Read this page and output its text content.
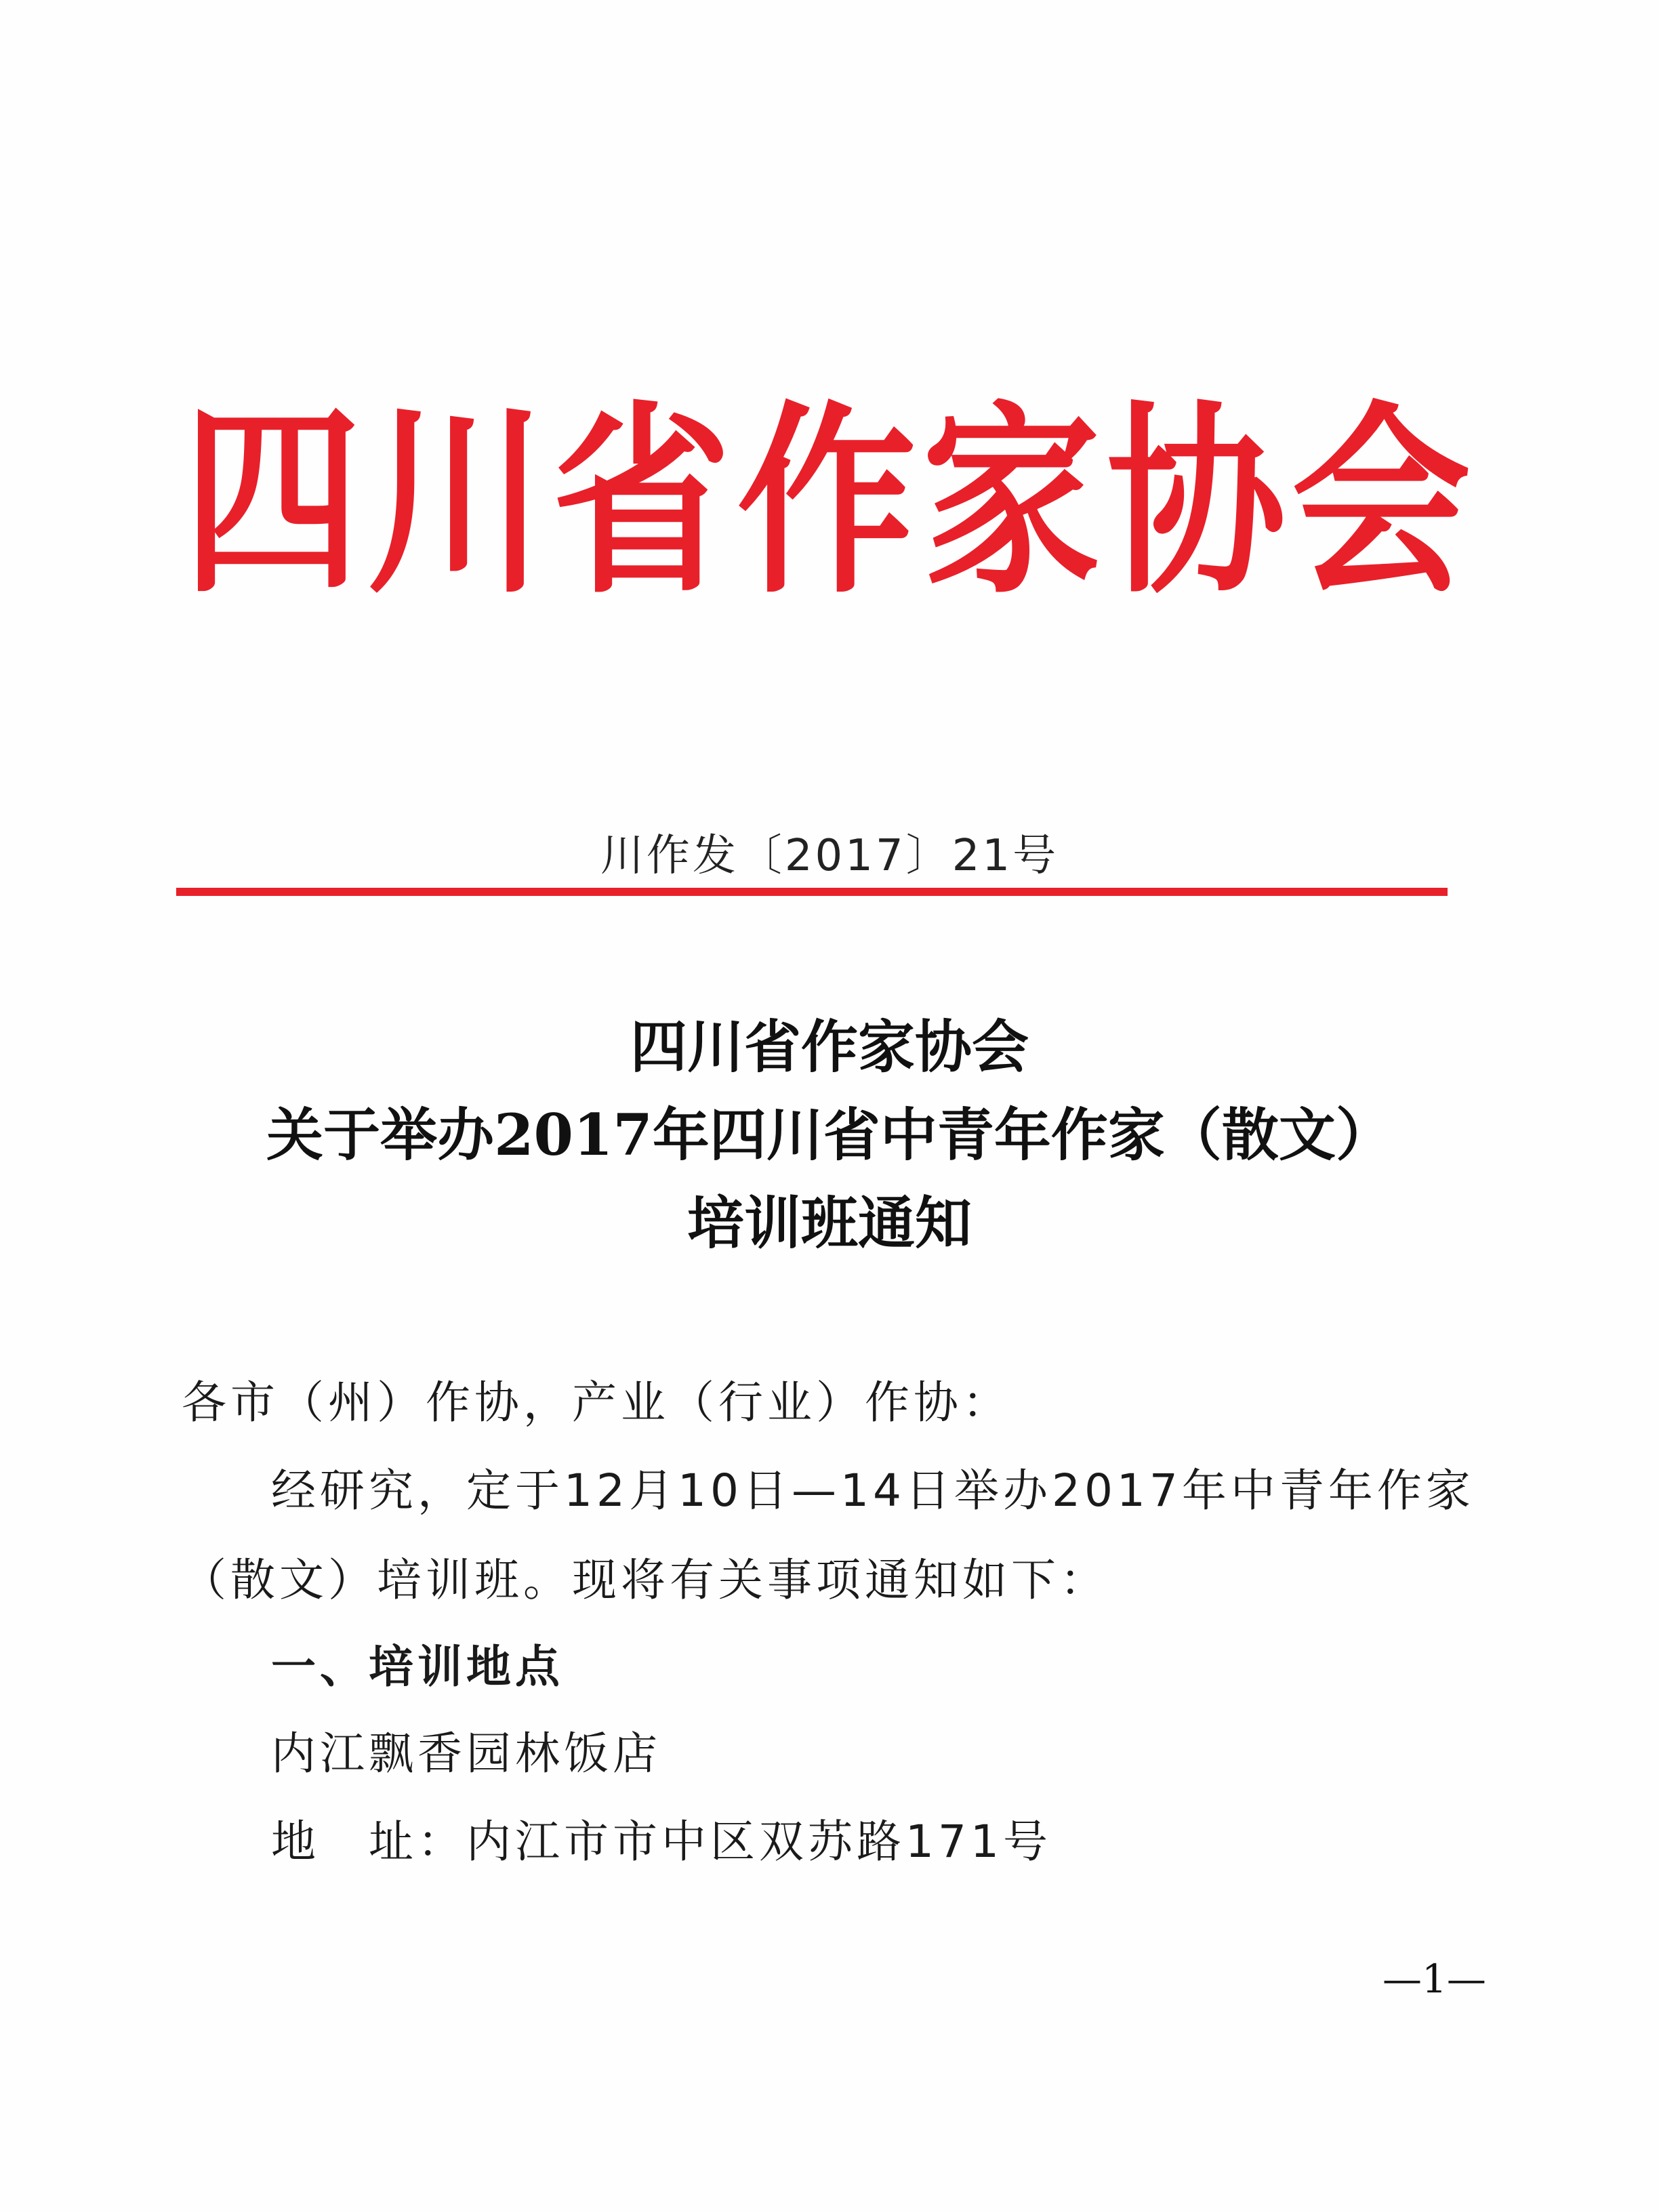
四川省作家协会
川作发〔2017〕21号
四川省作家协会
关于举办2017年四川省中青年作家（散文）
培训班通知
各市（州）作协，产业（行业）作协：
经研究，定于12月10日—14日举办2017年中青年作家
（散文）培训班。现将有关事项通知如下：
一、培训地点
内江飘香园林饭店
地　址：内江市市中区双苏路171号
—1—
